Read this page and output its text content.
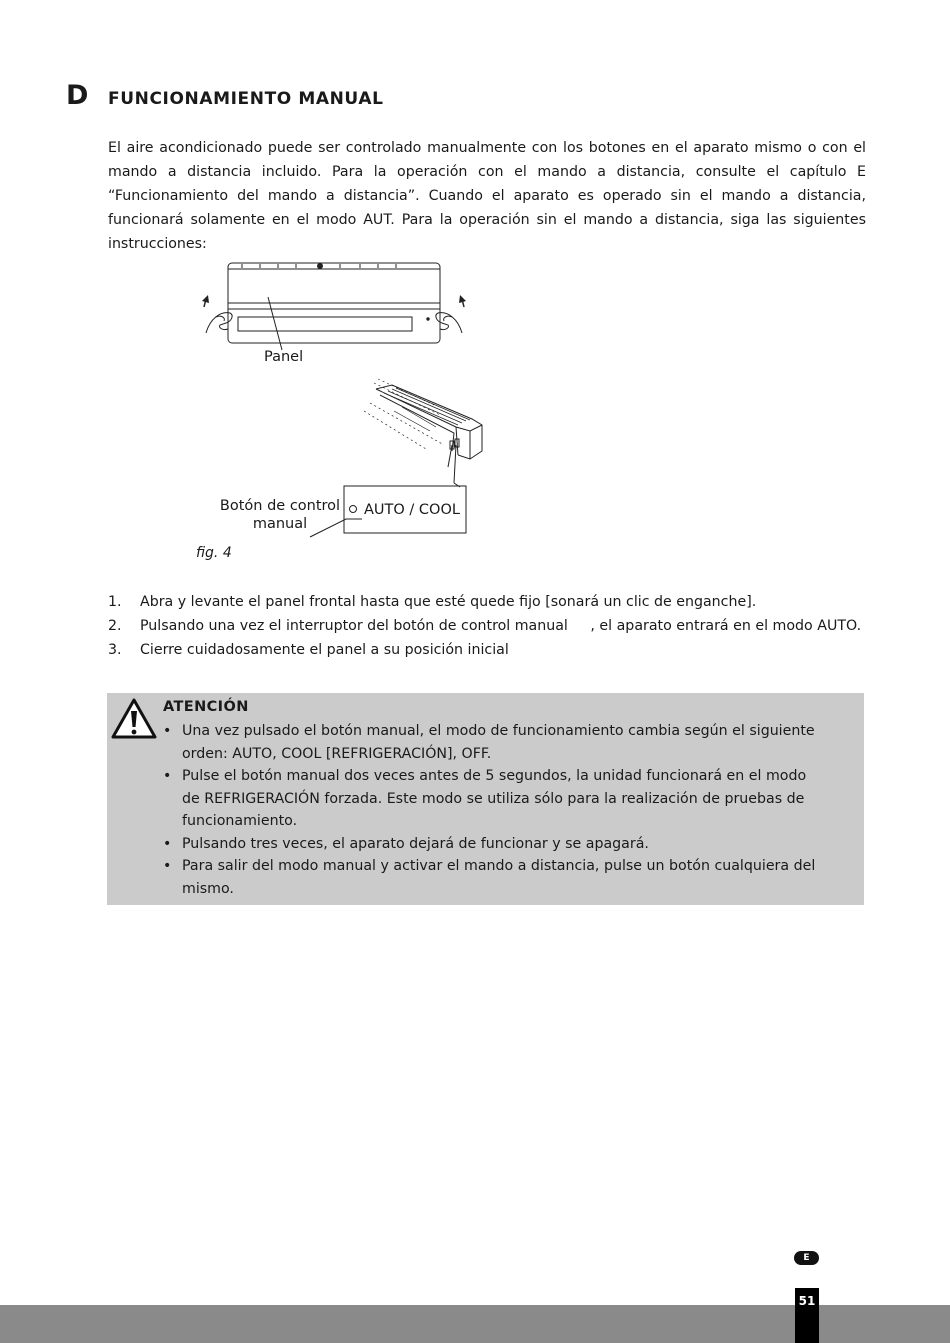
D FUNCIONAMIENTO MANUAL

El aire acondicionado puede ser controlado manualmente con los botones en el aparato mismo o con el mando a distancia incluido. Para la operación con el mando a distancia, consulte el capítulo E “Funcionamiento del mando a distancia”. Cuando el aparato es operado sin el mando a distancia, funcionará solamente en el modo AUT. Para la operación sin el mando a distancia, siga las siguientes instrucciones:

Panel
Botón de control
manual
AUTO / COOL
fig. 4
1. Abra y levante el panel frontal hasta que esté quede fijo [sonará un clic de enganche].
2. Pulsando una vez el interruptor del botón de control manual     , el aparato entrará en el modo AUTO.
3. Cierre cuidadosamente el panel a su posición inicial
ATENCIÓN
• Una vez pulsado el botón manual, el modo de funcionamiento cambia según el siguiente orden: AUTO, COOL [REFRIGERACIÓN], OFF.
• Pulse el botón manual dos veces antes de 5 segundos, la unidad funcionará en el modo de REFRIGERACIÓN forzada. Este modo se utiliza sólo para la realización de pruebas de funcionamiento.
• Pulsando tres veces, el aparato dejará de funcionar y se apagará.
• Para salir del modo manual y activar el mando a distancia, pulse un botón cualquiera del mismo.
E
51
